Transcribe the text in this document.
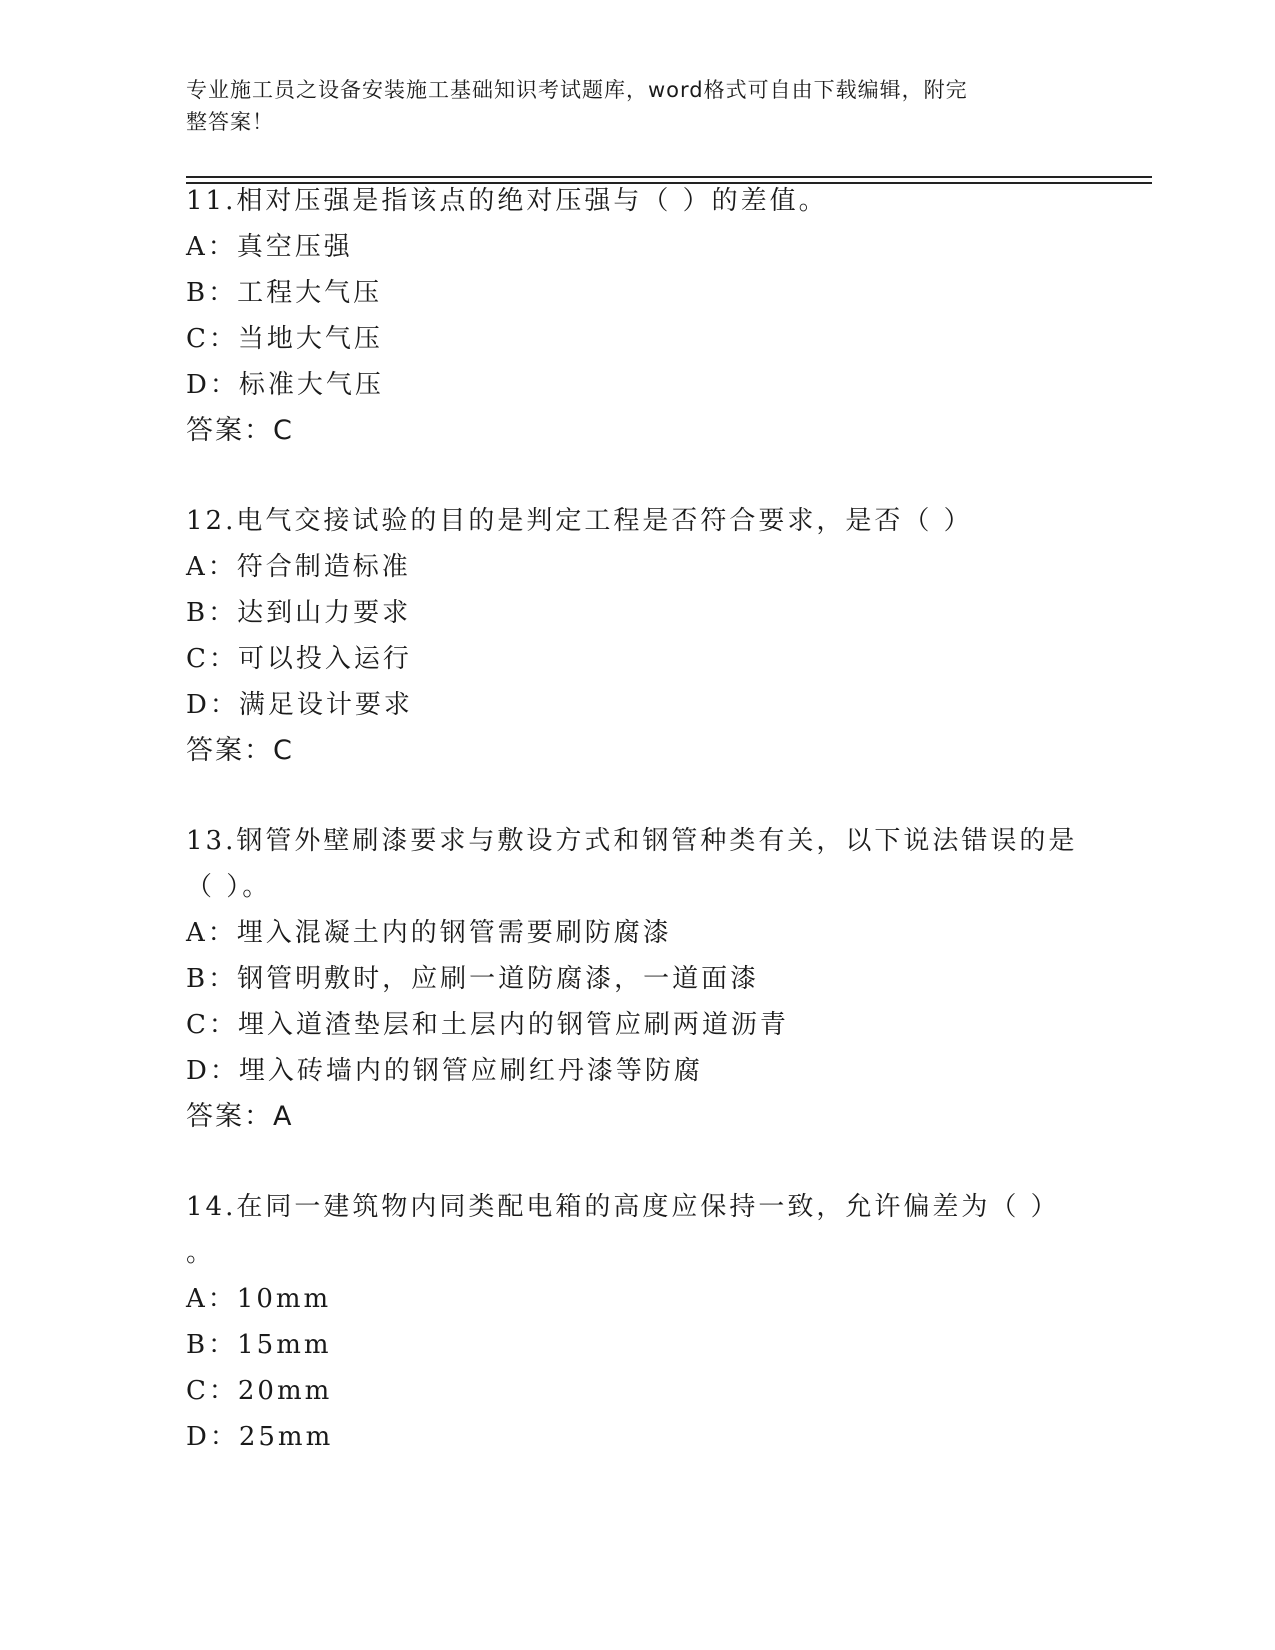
专业施工员之设备安装施工基础知识考试题库，word格式可自由下载编辑，附完
整答案！
11.相对压强是指该点的绝对压强与（ ）的差值。
A：真空压强
B：工程大气压
C：当地大气压
D：标准大气压
答案：C
12.电气交接试验的目的是判定工程是否符合要求，是否（ ）
A：符合制造标准
B：达到山力要求
C：可以投入运行
D：满足设计要求
答案：C
13.钢管外壁刷漆要求与敷设方式和钢管种类有关，以下说法错误的是
（ ）。
A：埋入混凝土内的钢管需要刷防腐漆
B：钢管明敷时，应刷一道防腐漆，一道面漆
C：埋入道渣垫层和土层内的钢管应刷两道沥青
D：埋入砖墙内的钢管应刷红丹漆等防腐
答案：A
14.在同一建筑物内同类配电箱的高度应保持一致，允许偏差为（ ）
。
A：10mm
B：15mm
C：20mm
D：25mm
